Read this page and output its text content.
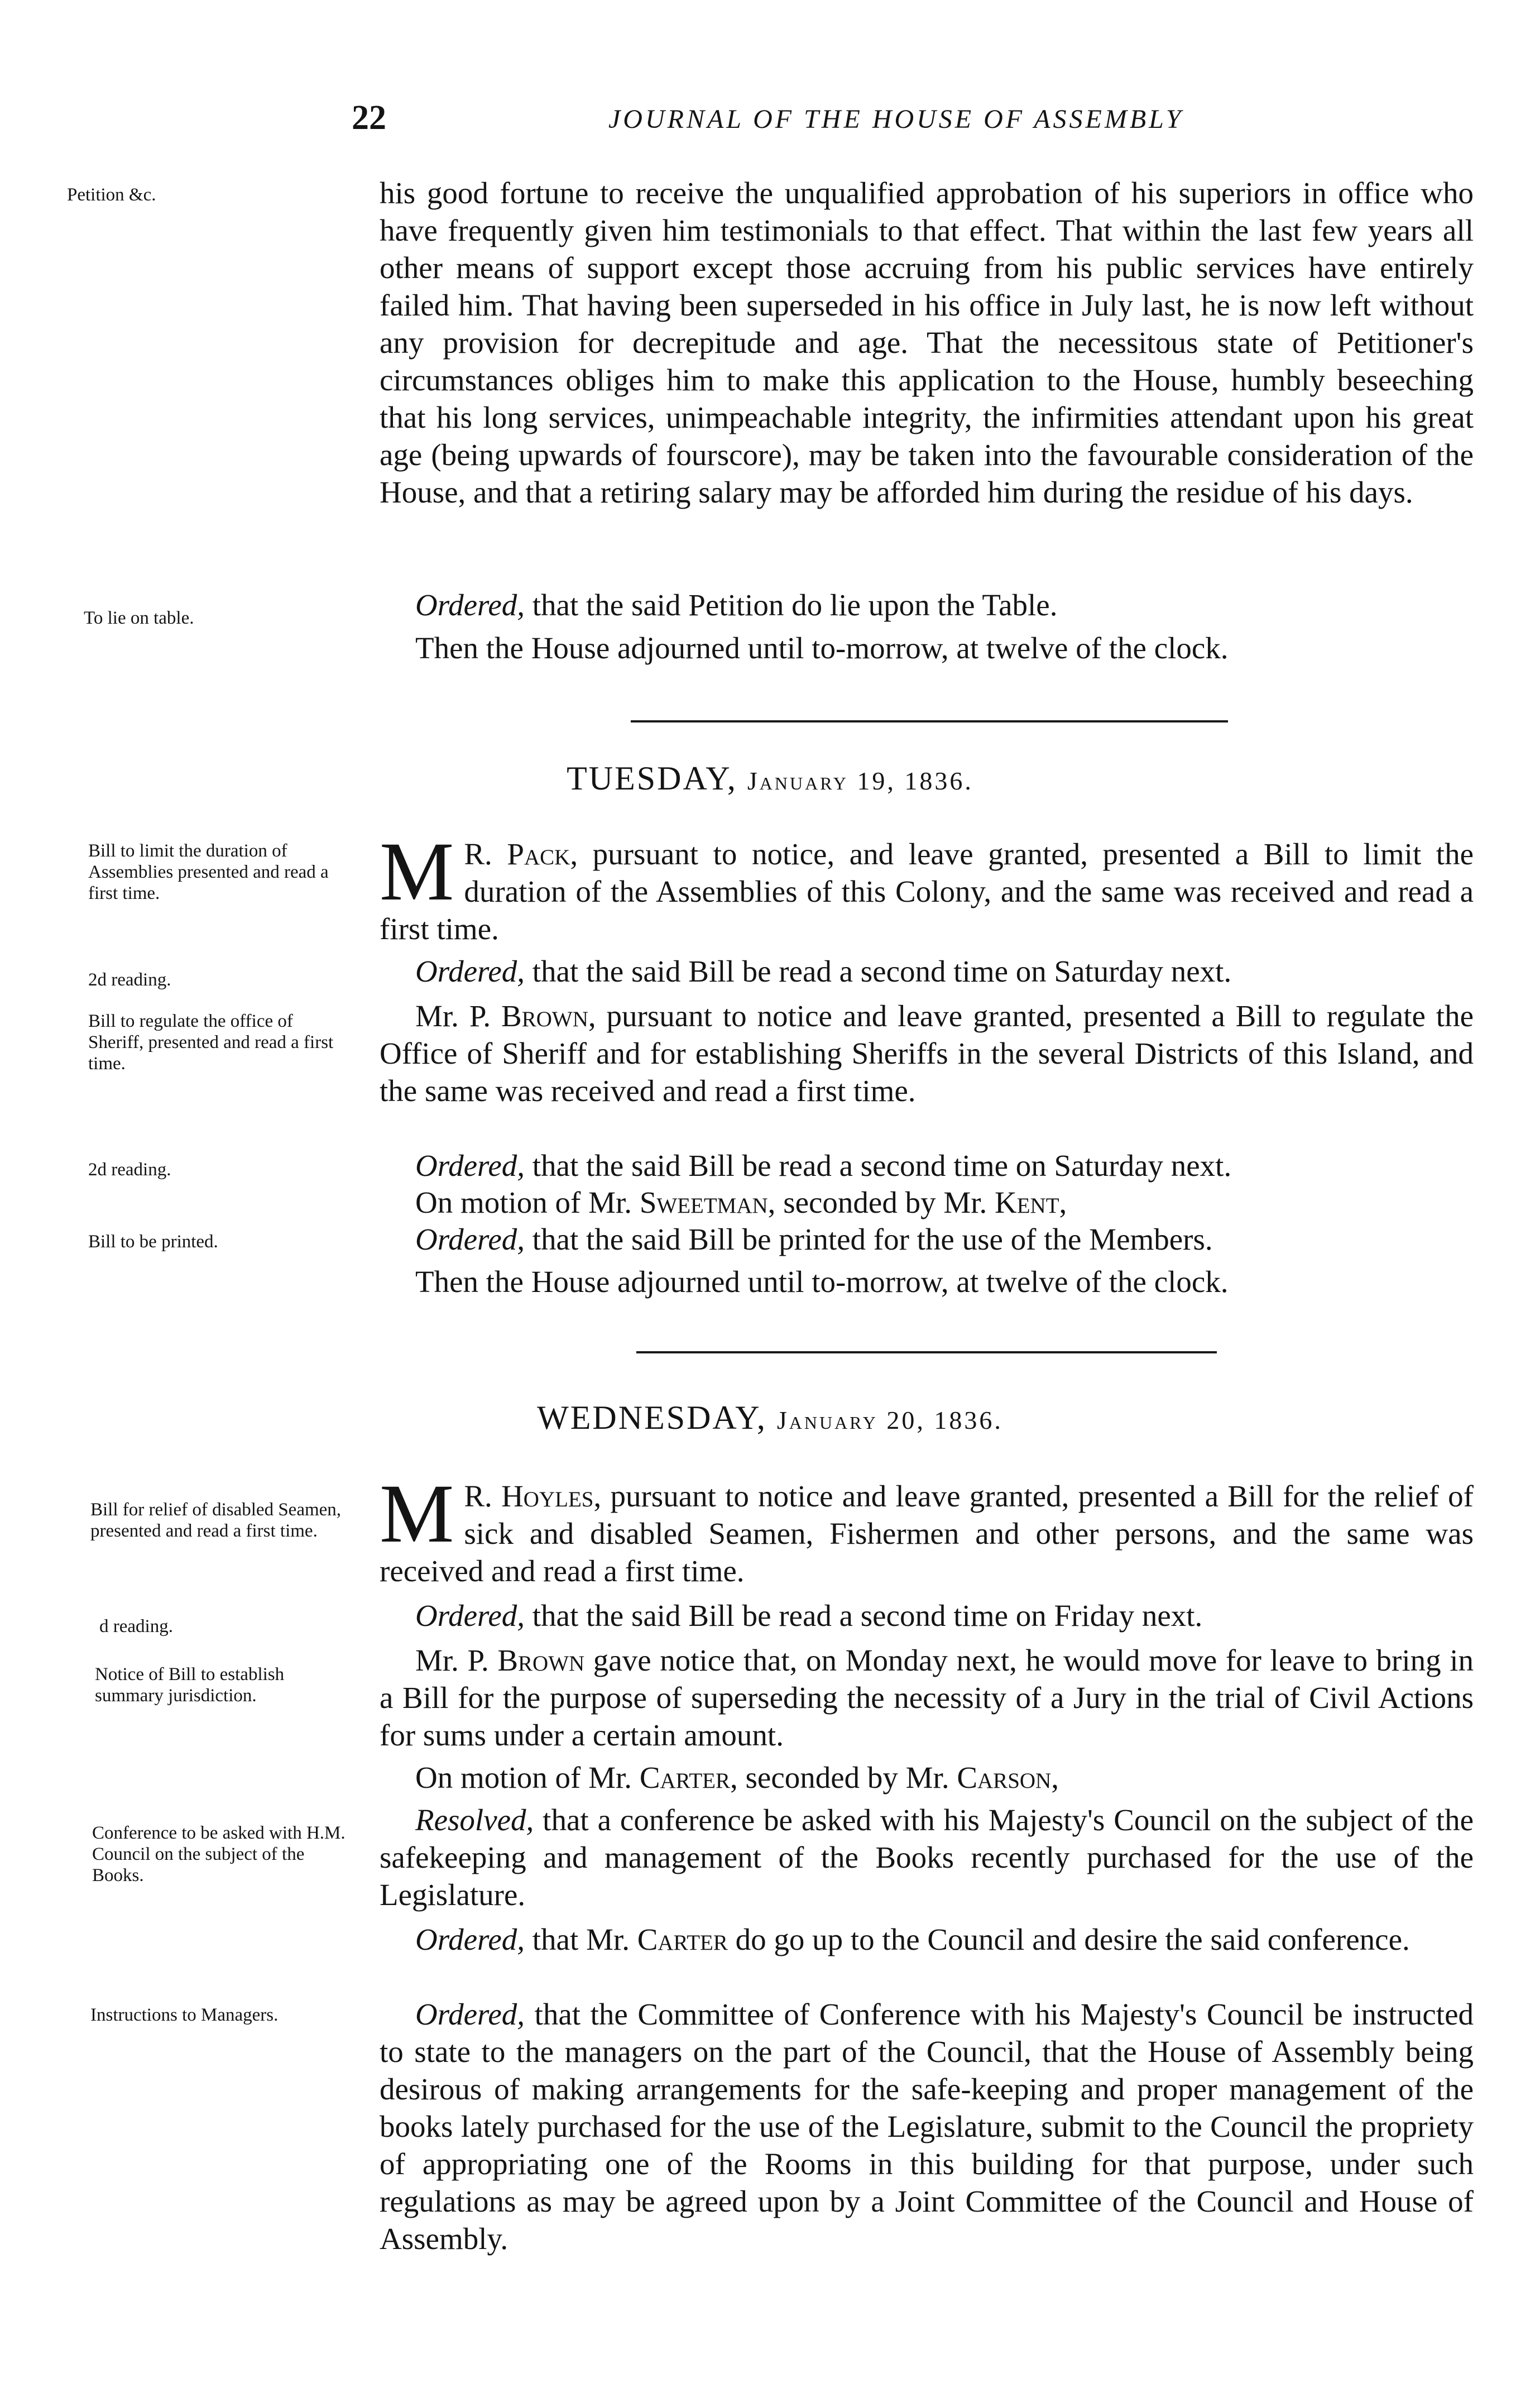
22	JOURNAL OF THE HOUSE OF ASSEMBLY
Petition &c.	his good fortune to receive the unqualified approbation of his superiors in office who have frequently given him testimonials to that effect. That within the last few years all other means of support except those accruing from his public services have entirely failed him. That having been superseded in his office in July last, he is now left without any provision for decrepitude and age. That the necessitous state of Petitioner's circumstances obliges him to make this application to the House, humbly beseeching that his long services, unimpeachable integrity, the infirmities attendant upon his great age (being upwards of fourscore), may be taken into the favourable consideration of the House, and that a retiring salary may be afforded him during the residue of his days.
To lie on table.	Ordered, that the said Petition do lie upon the Table.
Then the House adjourned until to-morrow, at twelve of the clock.
TUESDAY, January 19, 1836.
Bill to limit the duration of Assemblies presented and read a first time.	M R. Pack, pursuant to notice, and leave granted, presented a Bill to limit the duration of the Assemblies of this Colony, and the same was received and read a first time.
2d reading.	Ordered, that the said Bill be read a second time on Saturday next.
Bill to regulate the office of Sheriff, presented and read a first time.
Mr. P. Brown, pursuant to notice and leave granted, presented a Bill to regulate the Office of Sheriff and for establishing Sheriffs in the several Districts of this Island, and the same was received and read a first time.
2d reading.	Ordered, that the said Bill be read a second time on Saturday next.
On motion of Mr. Sweetman, seconded by Mr. Kent,
Bill to be printed.	Ordered, that the said Bill be printed for the use of the Members.
Then the House adjourned until to-morrow, at twelve of the clock.
WEDNESDAY, January 20, 1836.
Bill for relief of disabled Seamen, presented and read a first time. M R. Hoyles, pursuant to notice and leave granted, presented a Bill for the relief of sick and disabled Seamen, Fishermen and other persons, and the same was received and read a first time.
d reading.	Ordered, that the said Bill be read a second time on Friday next.
Notice of Bill to establish summary jurisdiction.
Mr. P. Brown gave notice that, on Monday next, he would move for leave to bring in a Bill for the purpose of superseding the necessity of a Jury in the trial of Civil Actions for sums under a certain amount.
On motion of Mr. Carter, seconded by Mr. Carson,
Conference to be asked with H.M. Council on the subject of the Books.
Resolved, that a conference be asked with his Majesty's Council on the subject of the safekeeping and management of the Books recently purchased for the use of the Legislature.
Ordered, that Mr. Carter do go up to the Council and desire the said conference.
Instructions to Managers.	Ordered, that the Committee of Conference with his Majesty's Council be instructed to state to the managers on the part of the Council, that the House of Assembly being desirous of making arrangements for the safe-keeping and proper management of the books lately purchased for the use of the Legislature, submit to the Council the propriety of appropriating one of the Rooms in this building for that purpose, under such regulations as may be agreed upon by a Joint Committee of the Council and House of Assembly.
